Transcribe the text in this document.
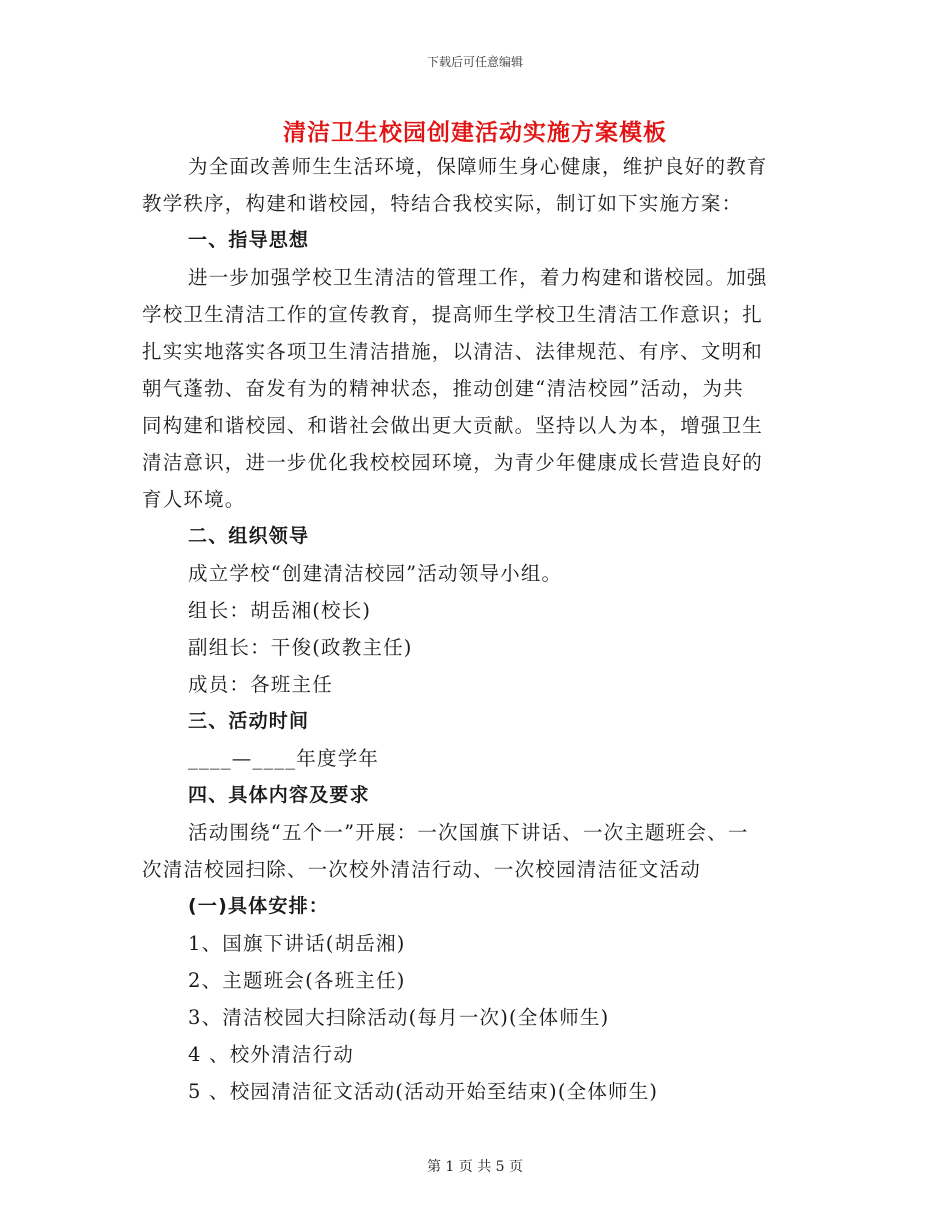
下载后可任意编辑
清洁卫生校园创建活动实施方案模板
为全面改善师生生活环境，保障师生身心健康，维护良好的教育
教学秩序，构建和谐校园，特结合我校实际，制订如下实施方案：
一、指导思想
进一步加强学校卫生清洁的管理工作，着力构建和谐校园。加强
学校卫生清洁工作的宣传教育，提高师生学校卫生清洁工作意识；扎
扎实实地落实各项卫生清洁措施，以清洁、法律规范、有序、文明和
朝气蓬勃、奋发有为的精神状态，推动创建“清洁校园”活动，为共
同构建和谐校园、和谐社会做出更大贡献。坚持以人为本，增强卫生
清洁意识，进一步优化我校校园环境，为青少年健康成长营造良好的
育人环境。
二、组织领导
成立学校“创建清洁校园”活动领导小组。
组长：胡岳湘(校长)
副组长：干俊(政教主任)
成员：各班主任
三、活动时间
____—____年度学年
四、具体内容及要求
活动围绕“五个一”开展：一次国旗下讲话、一次主题班会、一
次清洁校园扫除、一次校外清洁行动、一次校园清洁征文活动
(一)具体安排：
1、国旗下讲话(胡岳湘)
2、主题班会(各班主任)
3、清洁校园大扫除活动(每月一次)(全体师生)
4 、校外清洁行动
5 、校园清洁征文活动(活动开始至结束)(全体师生)
第 1 页 共 5 页
